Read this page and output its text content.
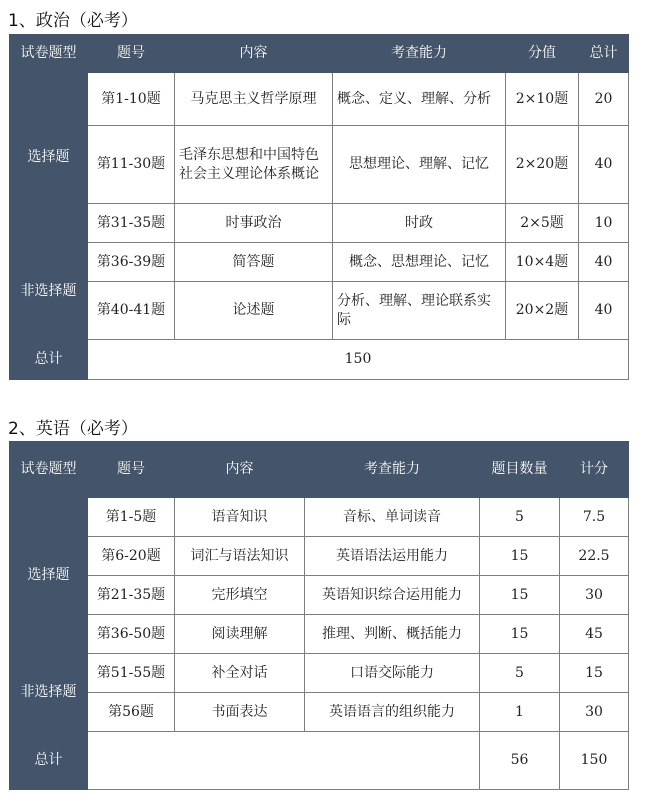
1、政治（必考）
试卷题型	题号	内容	考查能力	分值	总计
选择题	第1-10题	马克思主义哲学原理	概念、定义、理解、分析	2×10题	20
	第11-30题	毛泽东思想和中国特色社会主义理论体系概论	思想理论、理解、记忆	2×20题	40
	第31-35题	时事政治	时政	2×5题	10
非选择题	第36-39题	简答题	概念、思想理论、记忆	10×4题	40
	第40-41题	论述题	分析、理解、理论联系实际	20×2题	40
总计	150				
2、英语（必考）
试卷题型	题号	内容	考查能力	题目数量	计分
选择题	第1-5题	语音知识	音标、单词读音	5	7.5
	第6-20题	词汇与语法知识	英语语法运用能力	15	22.5
	第21-35题	完形填空	英语知识综合运用能力	15	30
	第36-50题	阅读理解	推理、判断、概括能力	15	45
非选择题	第51-55题	补全对话	口语交际能力	5	15
	第56题	书面表达	英语语言的组织能力	1	30
总计				56	150
